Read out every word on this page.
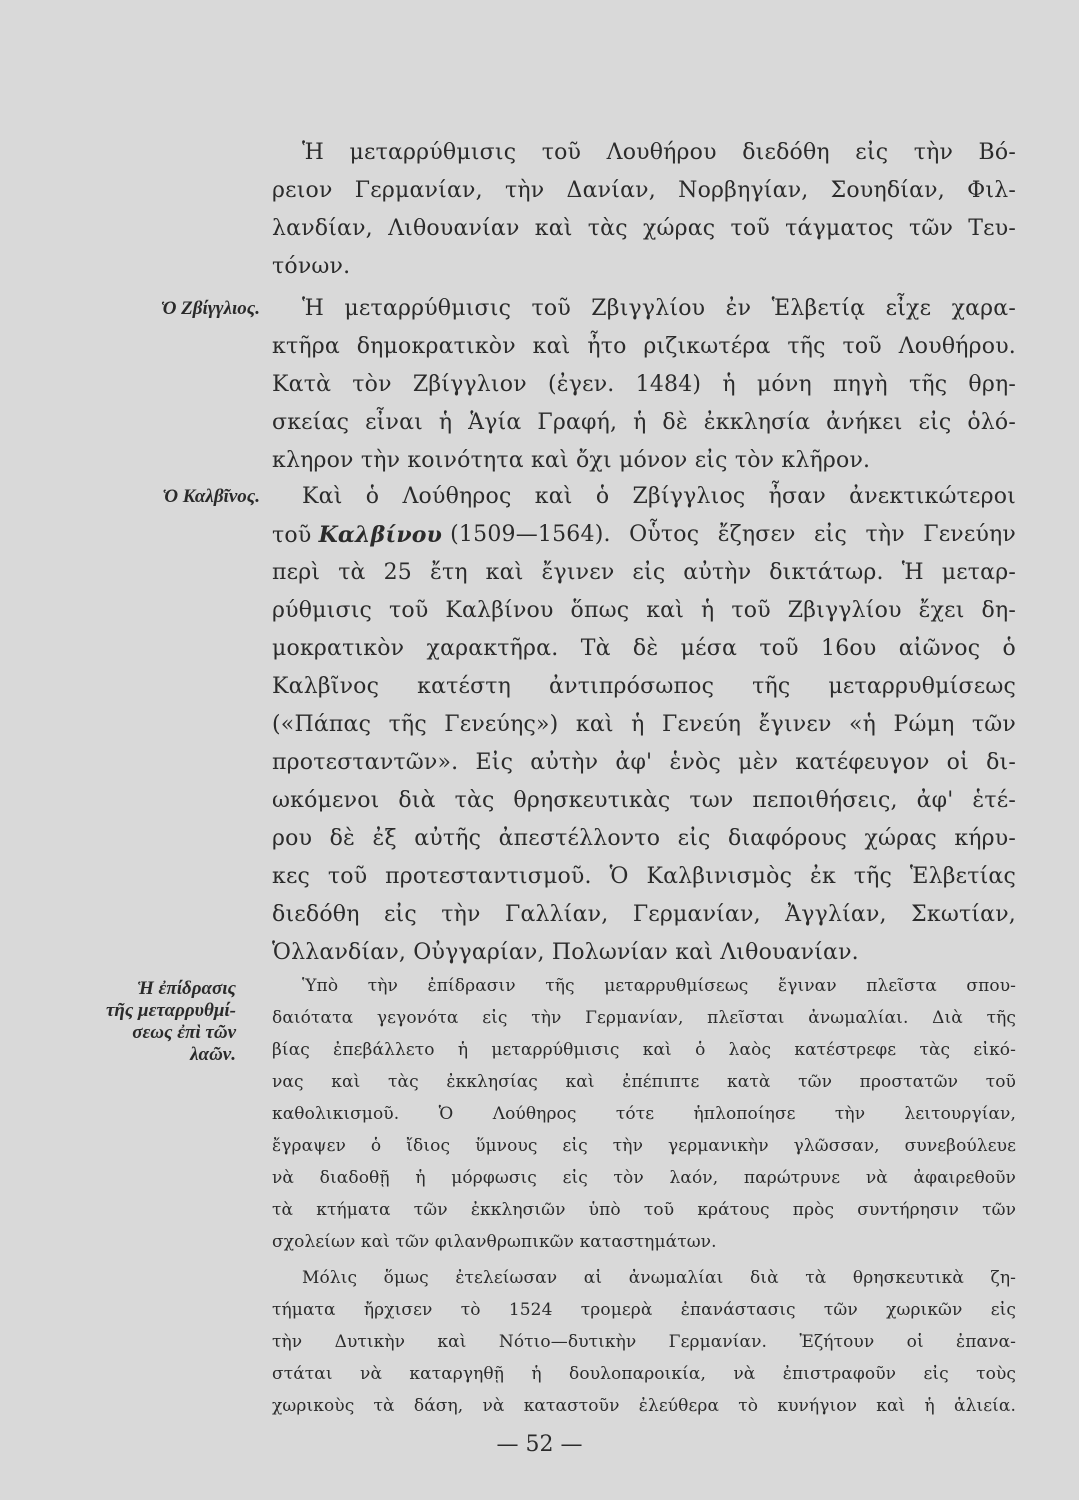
Ὁ Ζβίγγλιος.
Ὁ Καλβῖνος.
Ἡ ἐπίδρασις
τῆς μεταρρυθμί-
σεως ἐπὶ τῶν
λαῶν.
Ἡ μεταρρύθμισις τοῦ Λουθήρου διεδόθη εἰς τὴν Βό-
ρειον Γερμανίαν, τὴν Δανίαν, Νορβηγίαν, Σουηδίαν, Φιλ-
λανδίαν, Λιθουανίαν καὶ τὰς χώρας τοῦ τάγματος τῶν Τευ-
τόνων.
Ἡ μεταρρύθμισις τοῦ Ζβιγγλίου ἐν Ἑλβετίᾳ εἶχε χαρα-
κτῆρα δημοκρατικὸν καὶ ἦτο ριζικωτέρα τῆς τοῦ Λουθήρου.
Κατὰ τὸν Ζβίγγλιον (ἐγεν. 1484) ἡ μόνη πηγὴ τῆς θρη-
σκείας εἶναι ἡ Ἁγία Γραφή, ἡ δὲ ἐκκλησία ἀνήκει εἰς ὁλό-
κληρον τὴν κοινότητα καὶ ὄχι μόνον εἰς τὸν κλῆρον.
Καὶ ὁ Λούθηρος καὶ ὁ Ζβίγγλιος ἦσαν ἀνεκτικώτεροι
τοῦ Καλβίνου (1509—1564). Οὗτος ἔζησεν εἰς τὴν Γενεύην
περὶ τὰ 25 ἔτη καὶ ἔγινεν εἰς αὐτὴν δικτάτωρ. Ἡ μεταρ-
ρύθμισις τοῦ Καλβίνου ὅπως καὶ ἡ τοῦ Ζβιγγλίου ἔχει δη-
μοκρατικὸν χαρακτῆρα. Τὰ δὲ μέσα τοῦ 16ου αἰῶνος ὁ
Καλβῖνος κατέστη ἀντιπρόσωπος τῆς μεταρρυθμίσεως
(«Πάπας τῆς Γενεύης») καὶ ἡ Γενεύη ἔγινεν «ἡ Ρώμη τῶν
προτεσταντῶν». Εἰς αὐτὴν ἀφ' ἑνὸς μὲν κατέφευγον οἱ δι-
ωκόμενοι διὰ τὰς θρησκευτικὰς των πεποιθήσεις, ἀφ' ἑτέ-
ρου δὲ ἐξ αὐτῆς ἀπεστέλλοντο εἰς διαφόρους χώρας κήρυ-
κες τοῦ προτεσταντισμοῦ. Ὁ Καλβινισμὸς ἐκ τῆς Ἑλβετίας
διεδόθη εἰς τὴν Γαλλίαν, Γερμανίαν, Ἀγγλίαν, Σκωτίαν,
Ὁλλανδίαν, Οὐγγαρίαν, Πολωνίαν καὶ Λιθουανίαν.
Ὑπὸ τὴν ἐπίδρασιν τῆς μεταρρυθμίσεως ἔγιναν πλεῖστα σπου-
δαιότατα γεγονότα εἰς τὴν Γερμανίαν, πλεῖσται ἀνωμαλίαι. Διὰ τῆς
βίας ἐπεβάλλετο ἡ μεταρρύθμισις καὶ ὁ λαὸς κατέστρεφε τὰς εἰκό-
νας καὶ τὰς ἐκκλησίας καὶ ἐπέπιπτε κατὰ τῶν προστατῶν τοῦ
καθολικισμοῦ. Ὁ Λούθηρος τότε ἡπλοποίησε τὴν λειτουργίαν,
ἔγραψεν ὁ ἴδιος ὕμνους εἰς τὴν γερμανικὴν γλῶσσαν, συνεβούλευε
νὰ διαδοθῇ ἡ μόρφωσις εἰς τὸν λαόν, παρώτρυνε νὰ ἀφαιρεθοῦν
τὰ κτήματα τῶν ἐκκλησιῶν ὑπὸ τοῦ κράτους πρὸς συντήρησιν τῶν
σχολείων καὶ τῶν φιλανθρωπικῶν καταστημάτων.
Μόλις ὅμως ἐτελείωσαν αἱ ἀνωμαλίαι διὰ τὰ θρησκευτικὰ ζη-
τήματα ἤρχισεν τὸ 1524 τρομερὰ ἐπανάστασις τῶν χωρικῶν εἰς
τὴν Δυτικὴν καὶ Νότιο—δυτικὴν Γερμανίαν. Ἐζήτουν οἱ ἐπανα-
στάται νὰ καταργηθῇ ἡ δουλοπαροικία, νὰ ἐπιστραφοῦν εἰς τοὺς
χωρικοὺς τὰ δάση, νὰ καταστοῦν ἐλεύθερα τὸ κυνήγιον καὶ ἡ ἁλιεία.
— 52 —
